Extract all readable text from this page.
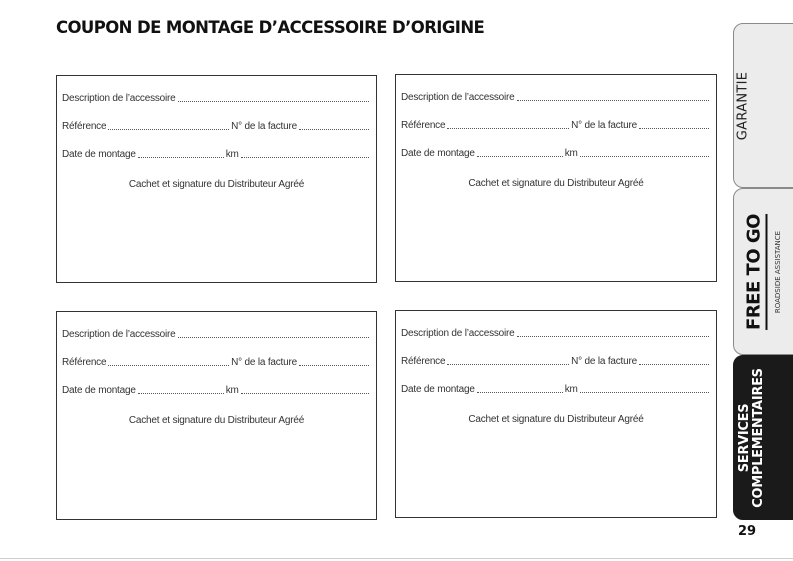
COUPON DE MONTAGE D’ACCESSOIRE D’ORIGINE
Description de l’accessoire
Référence	N° de la facture
Date de montage	km
Cachet et signature du Distributeur Agréé
Description de l’accessoire
Référence	N° de la facture
Date de montage	km
Cachet et signature du Distributeur Agréé
Description de l’accessoire
Référence	N° de la facture
Date de montage	km
Cachet et signature du Distributeur Agréé
Description de l’accessoire
Référence	N° de la facture
Date de montage	km
Cachet et signature du Distributeur Agréé
GARANTIE
FREE TO GO	ROADSIDE ASSISTANCE
SERVICES COMPLEMENTAIRES
29
